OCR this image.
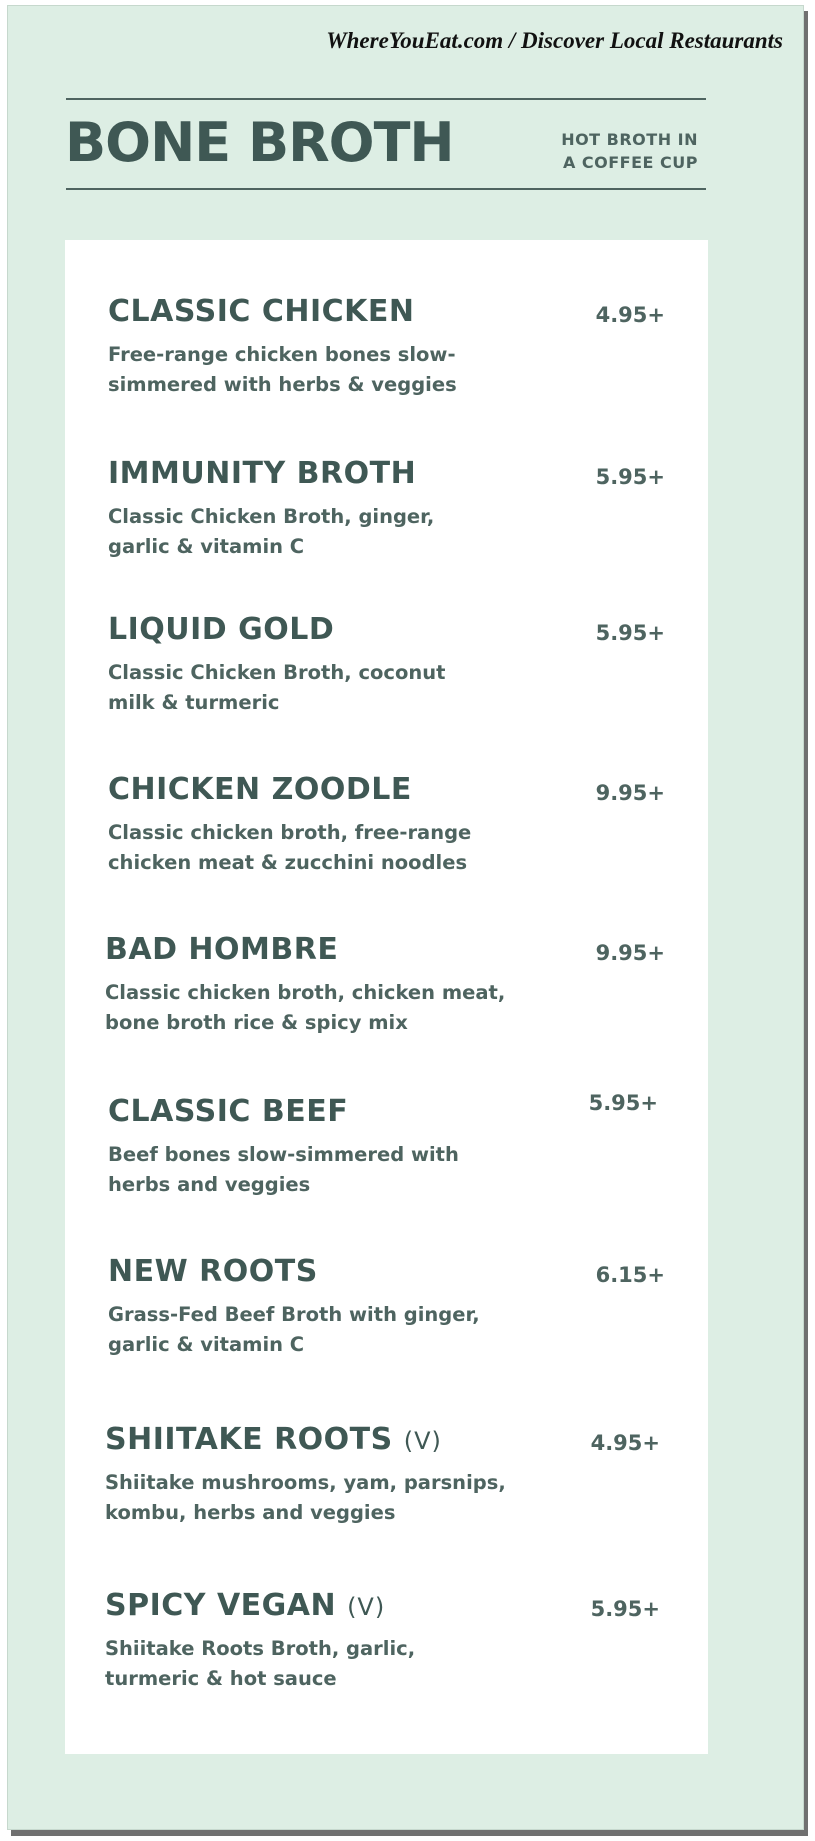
WhereYouEat.com / Discover Local Restaurants
BONE BROTH	HOT BROTH IN
A COFFEE CUP
CLASSIC CHICKEN	4.95+
Free-range chicken bones slow-
simmered with herbs & veggies
IMMUNITY BROTH	5.95+
Classic Chicken Broth, ginger,
garlic & vitamin C
LIQUID GOLD	5.95+
Classic Chicken Broth, coconut
milk & turmeric
CHICKEN ZOODLE	9.95+
Classic chicken broth, free-range
chicken meat & zucchini noodles
BAD HOMBRE	9.95+
Classic chicken broth, chicken meat,
bone broth rice & spicy mix
CLASSIC BEEF	5.95+
Beef bones slow-simmered with
herbs and veggies
NEW ROOTS	6.15+
Grass-Fed Beef Broth with ginger,
garlic & vitamin C
SHIITAKE ROOTS (V)	4.95+
Shiitake mushrooms, yam, parsnips,
kombu, herbs and veggies
SPICY VEGAN (V)	5.95+
Shiitake Roots Broth, garlic,
turmeric & hot sauce
